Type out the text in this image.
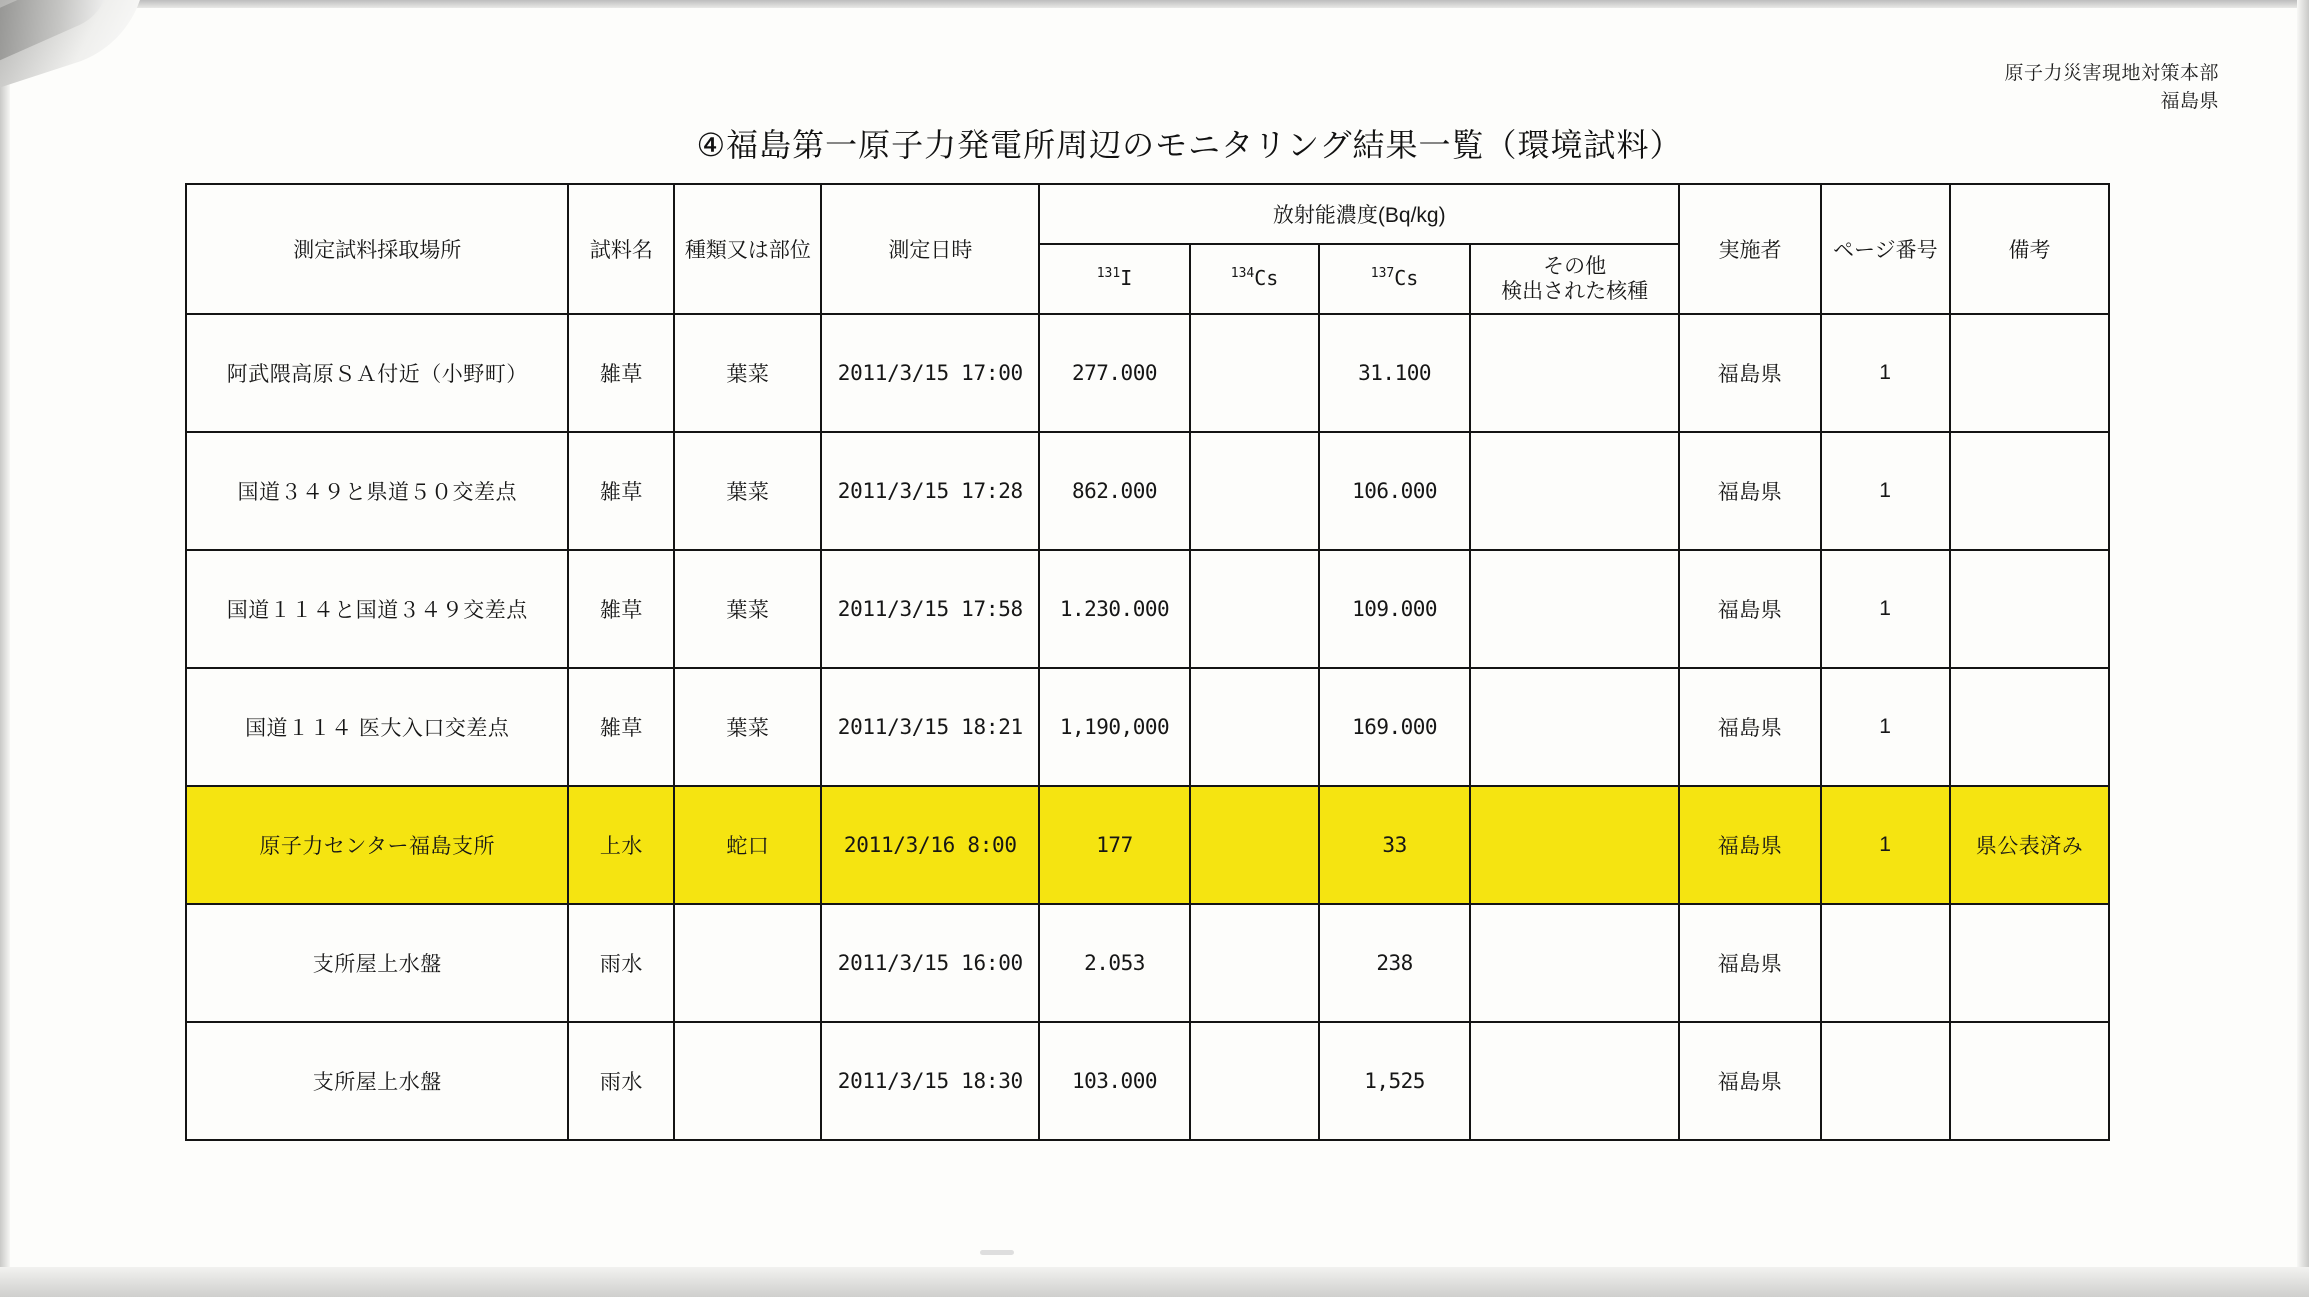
原子力災害現地対策本部
福島県
④福島第一原子力発電所周辺のモニタリング結果一覧（環境試料）
測定試料採取場所	試料名	種類又は部位	測定日時	放射能濃度(Bq/kg)				実施者	ページ番号	備考
				$^{131}$I	$^{134}$Cs	$^{137}$Cs	その他
検出された核種			

阿武隈高原ＳＡ付近（小野町）	雑草	葉菜	2011/3/15 17:00	277.000		31.100		福島県	1	
国道３４９と県道５０交差点	雑草	葉菜	2011/3/15 17:28	862.000		106.000		福島県	1	
国道１１４と国道３４９交差点	雑草	葉菜	2011/3/15 17:58	1.230.000		109.000		福島県	1	
国道１１４ 医大入口交差点	雑草	葉菜	2011/3/15 18:21	1,190,000		169.000		福島県	1	
原子力センター福島支所	上水	蛇口	2011/3/16 8:00	177		33		福島県	1	県公表済み
支所屋上水盤	雨水		2011/3/15 16:00	2.053		238		福島県		
支所屋上水盤	雨水		2011/3/15 18:30	103.000		1,525		福島県		
